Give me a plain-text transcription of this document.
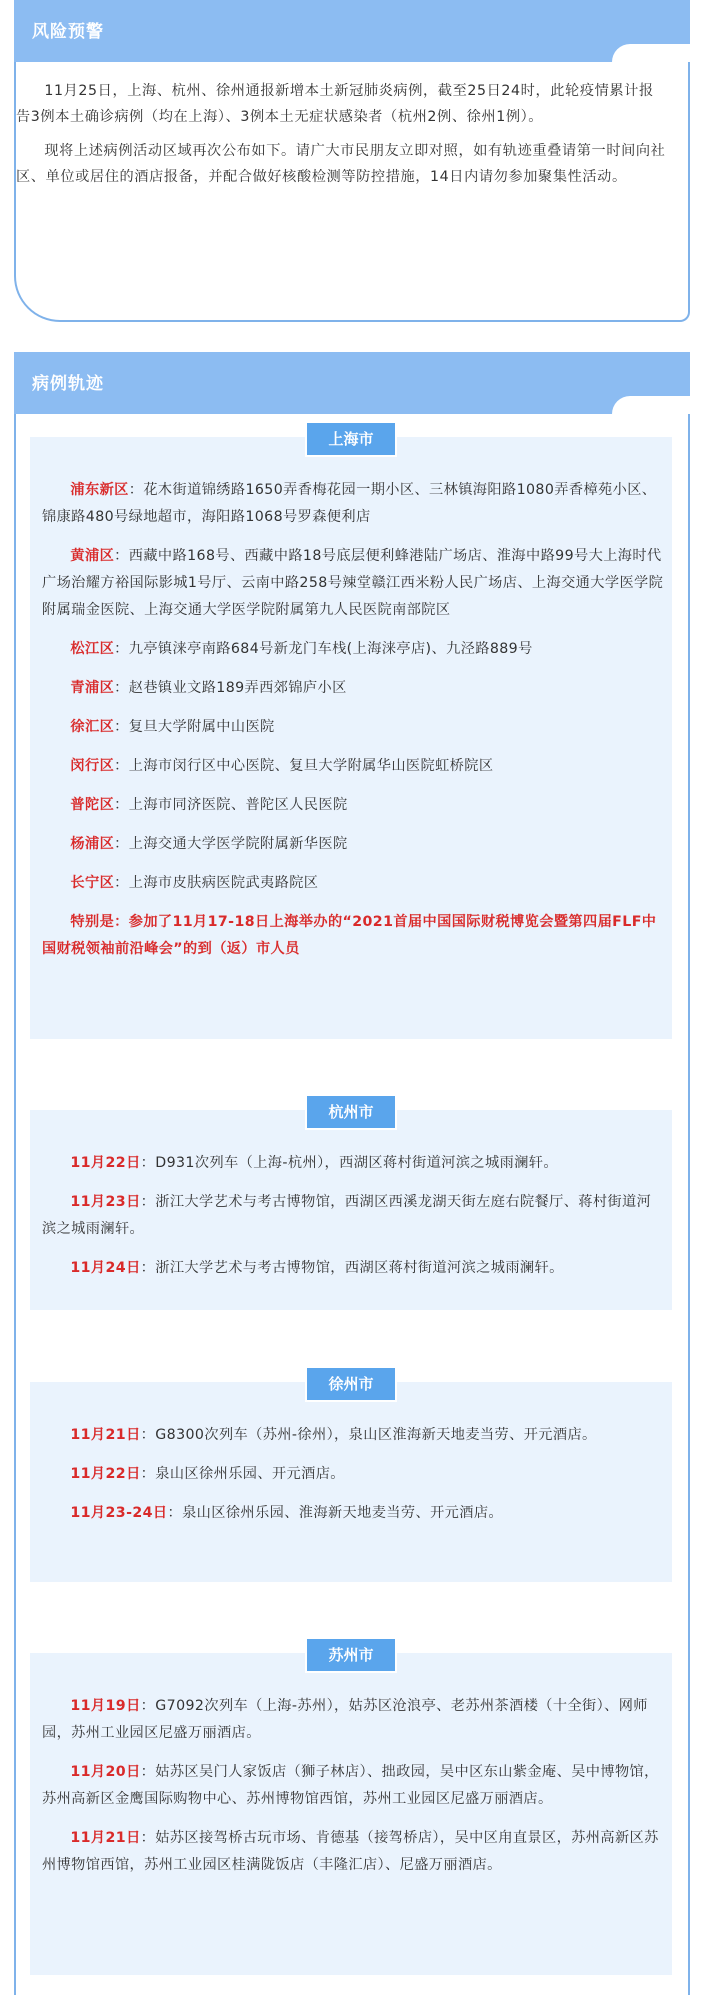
风险预警

11月25日，上海、杭州、徐州通报新增本土新冠肺炎病例，截至25日24时，此轮疫情累计报告3例本土确诊病例（均在上海）、3例本土无症状感染者（杭州2例、徐州1例）。

现将上述病例活动区域再次公布如下。请广大市民朋友立即对照，如有轨迹重叠请第一时间向社区、单位或居住的酒店报备，并配合做好核酸检测等防控措施，14日内请勿参加聚集性活动。

病例轨迹
上海市

浦东新区：花木街道锦绣路1650弄香梅花园一期小区、三林镇海阳路1080弄香樟苑小区、锦康路480号绿地超市，海阳路1068号罗森便利店

黄浦区：西藏中路168号、西藏中路18号底层便利蜂港陆广场店、淮海中路99号大上海时代广场治耀方裕国际影城1号厅、云南中路258号辣堂赣江西米粉人民广场店、上海交通大学医学院附属瑞金医院、上海交通大学医学院附属第九人民医院南部院区

松江区：九亭镇涞亭南路684号新龙门车栈(上海涞亭店)、九泾路889号

青浦区：赵巷镇业文路189弄西郊锦庐小区

徐汇区：复旦大学附属中山医院

闵行区：上海市闵行区中心医院、复旦大学附属华山医院虹桥院区

普陀区：上海市同济医院、普陀区人民医院

杨浦区：上海交通大学医学院附属新华医院

长宁区：上海市皮肤病医院武夷路院区

特别是：参加了11月17-18日上海举办的“2021首届中国国际财税博览会暨第四届FLF中国财税领袖前沿峰会”的到（返）市人员

杭州市

11月22日：D931次列车（上海-杭州），西湖区蒋村街道河滨之城雨澜轩。

11月23日：浙江大学艺术与考古博物馆，西湖区西溪龙湖天街左庭右院餐厅、蒋村街道河滨之城雨澜轩。

11月24日：浙江大学艺术与考古博物馆，西湖区蒋村街道河滨之城雨澜轩。

徐州市

11月21日：G8300次列车（苏州-徐州），泉山区淮海新天地麦当劳、开元酒店。

11月22日：泉山区徐州乐园、开元酒店。

11月23-24日：泉山区徐州乐园、淮海新天地麦当劳、开元酒店。

苏州市

11月19日：G7092次列车（上海-苏州），姑苏区沧浪亭、老苏州茶酒楼（十全街）、网师园，苏州工业园区尼盛万丽酒店。

11月20日：姑苏区吴门人家饭店（狮子林店）、拙政园，吴中区东山紫金庵、吴中博物馆，苏州高新区金鹰国际购物中心、苏州博物馆西馆，苏州工业园区尼盛万丽酒店。

11月21日：姑苏区接驾桥古玩市场、肯德基（接驾桥店），吴中区甪直景区，苏州高新区苏州博物馆西馆，苏州工业园区桂满陇饭店（丰隆汇店）、尼盛万丽酒店。
